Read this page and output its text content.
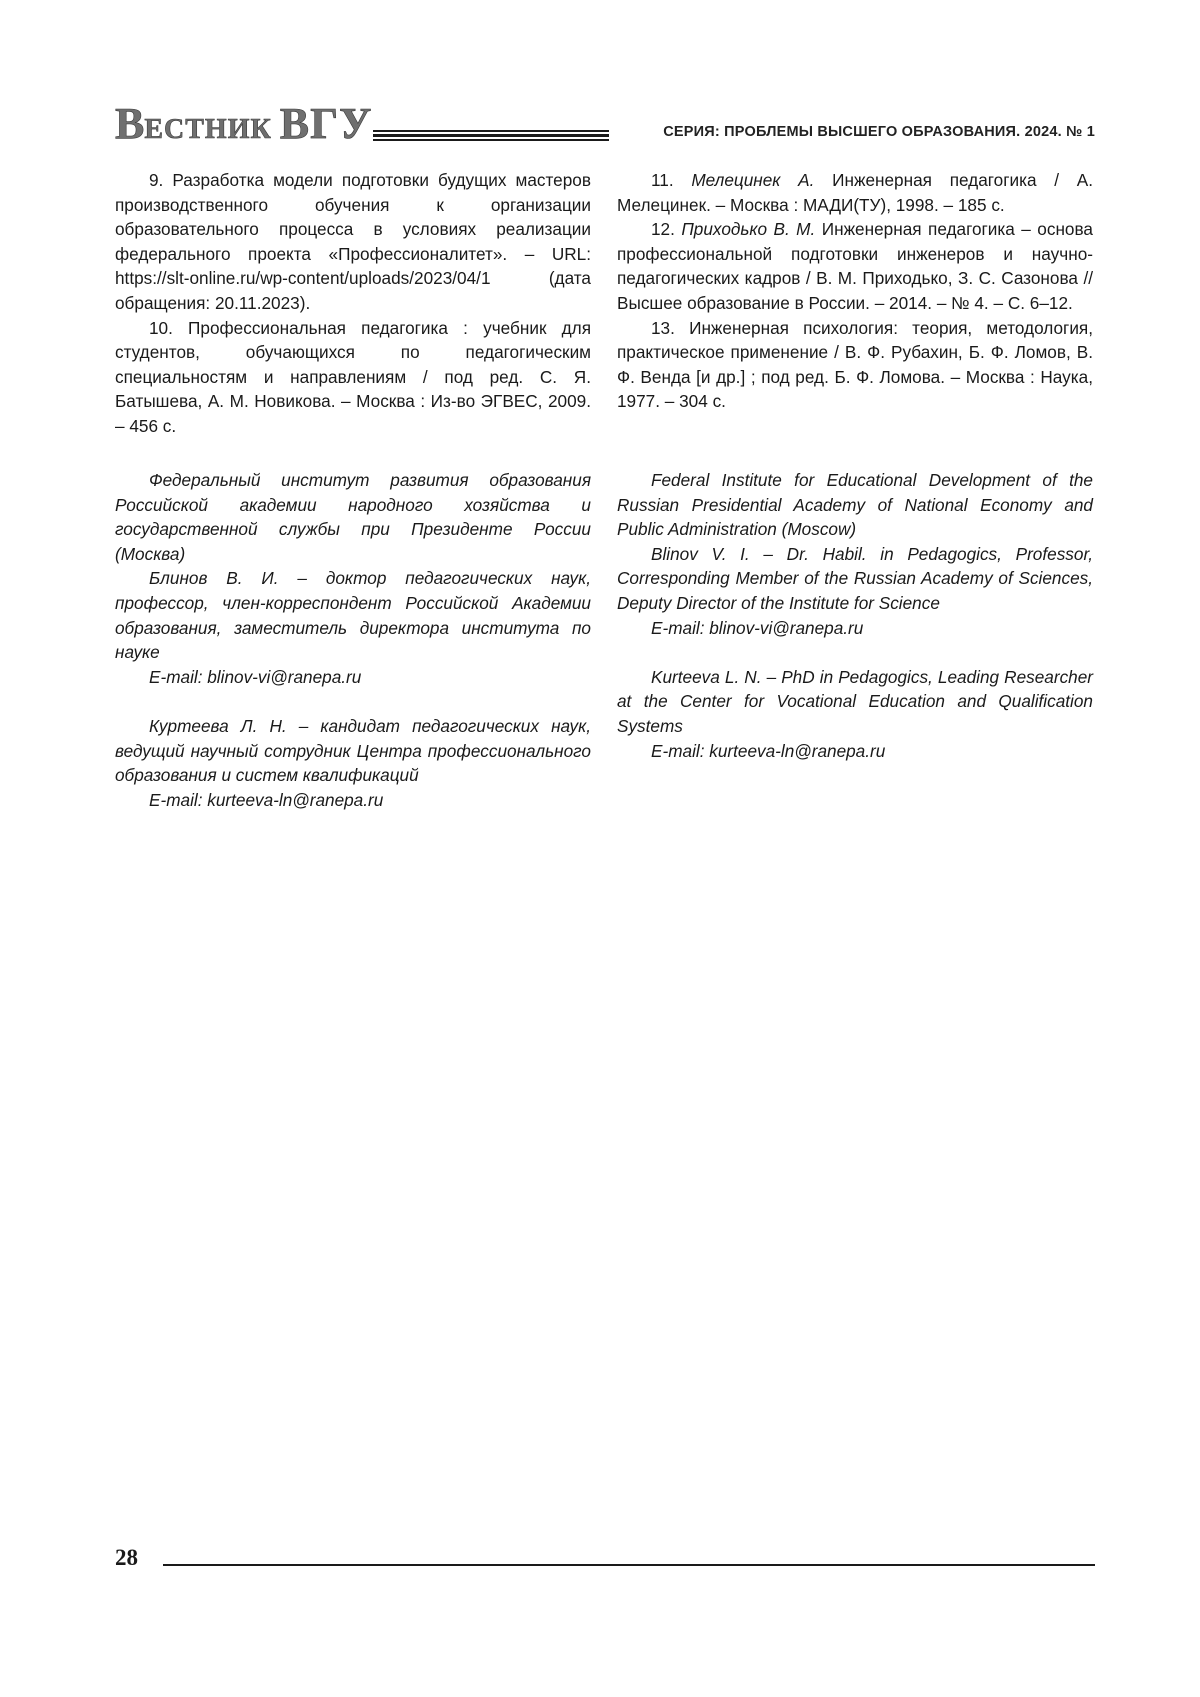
ВЕСТНИК ВГУ	СЕРИЯ: ПРОБЛЕМЫ ВЫСШЕГО ОБРАЗОВАНИЯ. 2024. № 1

9. Разработка модели подготовки будущих мастеров производственного обучения к организации образовательного процесса в условиях реализации федерального проекта «Профессионалитет». – URL: https://slt-online.ru/wp-content/uploads/2023/04/1 (дата обращения: 20.11.2023).

10. Профессиональная педагогика : учебник для студентов, обучающихся по педагогическим специальностям и направлениям / под ред. С. Я. Батышева, А. М. Новикова. – Москва : Из-во ЭГВЕС, 2009. – 456 с.

11. Мелецинек А. Инженерная педагогика / А. Мелецинек. – Москва : МАДИ(ТУ), 1998. – 185 с.

12. Приходько В. М. Инженерная педагогика – основа профессиональной подготовки инженеров и научно-педагогических кадров / В. М. Приходько, З. С. Сазонова // Высшее образование в России. – 2014. – № 4. – С. 6–12.

13. Инженерная психология: теория, методология, практическое применение / В. Ф. Рубахин, Б. Ф. Ломов, В. Ф. Венда [и др.] ; под ред. Б. Ф. Ломова. – Москва : Наука, 1977. – 304 с.

Федеральный институт развития образования Российской академии народного хозяйства и государственной службы при Президенте России (Москва)

Блинов В. И. – доктор педагогических наук, профессор, член-корреспондент Российской Академии образования, заместитель директора института по науке

E-mail: blinov-vi@ranepa.ru

Куртеева Л. Н. – кандидат педагогических наук, ведущий научный сотрудник Центра профессионального образования и систем квалификаций

E-mail: kurteeva-ln@ranepa.ru

Federal Institute for Educational Development of the Russian Presidential Academy of National Economy and Public Administration (Moscow)

Blinov V. I. – Dr. Habil. in Pedagogics, Professor, Corresponding Member of the Russian Academy of Sciences, Deputy Director of the Institute for Science

E-mail: blinov-vi@ranepa.ru

Kurteeva L. N. – PhD in Pedagogics, Leading Researcher at the Center for Vocational Education and Qualification Systems

E-mail: kurteeva-ln@ranepa.ru

28
